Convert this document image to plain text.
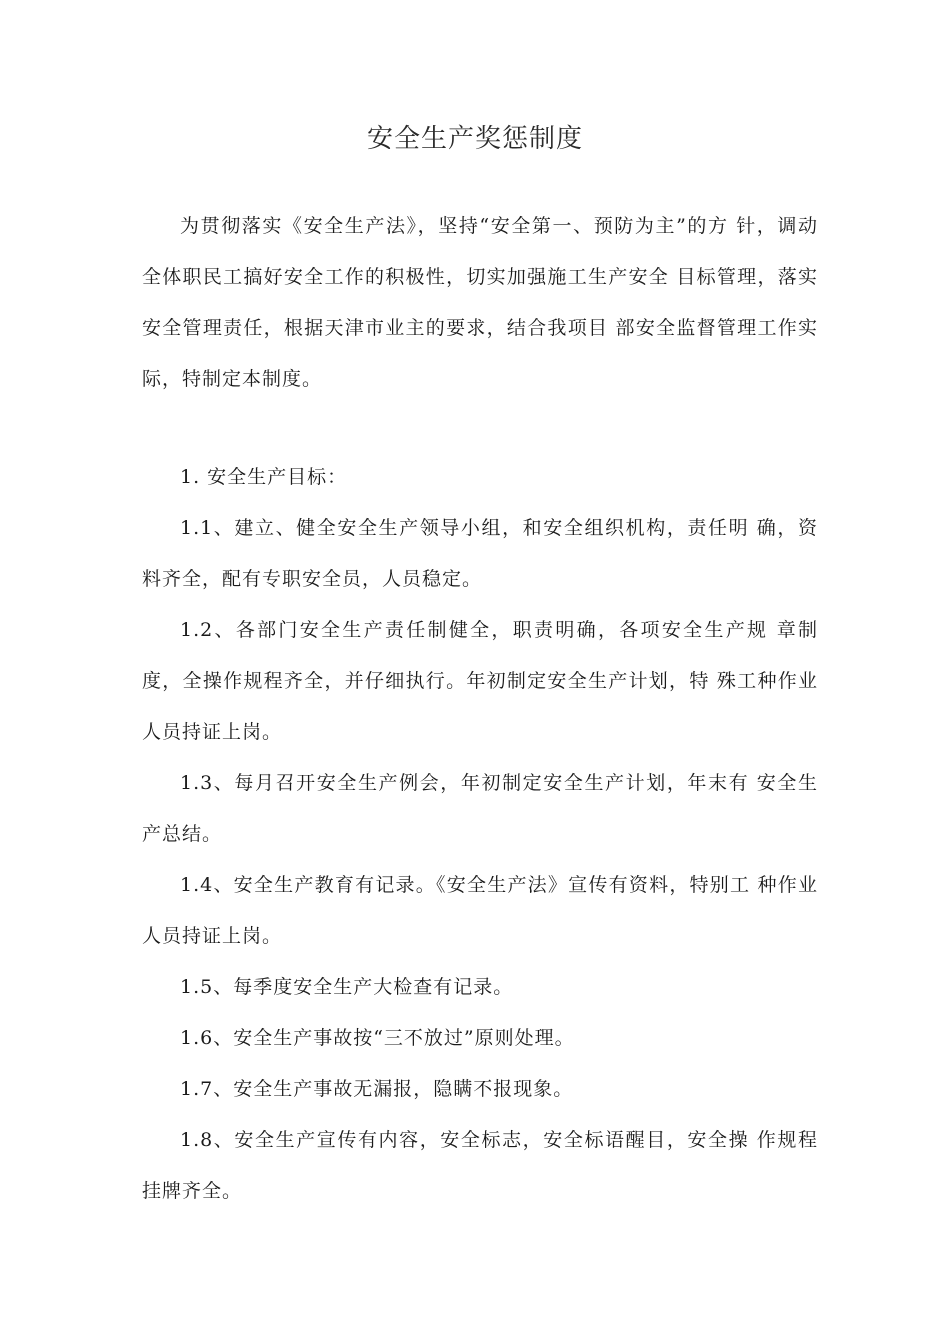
安全生产奖惩制度

为贯彻落实《安全生产法》，坚持“安全第一、预防为主”的方 针，调动全体职民工搞好安全工作的积极性，切实加强施工生产安全 目标管理，落实安全管理责任，根据天津市业主的要求，结合我项目 部安全监督管理工作实际，特制定本制度。

1. 安全生产目标：

1.1、建立、健全安全生产领导小组，和安全组织机构，责任明 确，资料齐全，配有专职安全员，人员稳定。

1.2、各部门安全生产责任制健全，职责明确，各项安全生产规 章制度，全操作规程齐全，并仔细执行。年初制定安全生产计划，特 殊工种作业人员持证上岗。

1.3、每月召开安全生产例会，年初制定安全生产计划，年末有 安全生产总结。

1.4、安全生产教育有记录。《安全生产法》宣传有资料，特别工 种作业人员持证上岗。

1.5、每季度安全生产大检查有记录。

1.6、安全生产事故按“三不放过”原则处理。

1.7、安全生产事故无漏报，隐瞒不报现象。

1.8、安全生产宣传有内容，安全标志，安全标语醒目，安全操 作规程挂牌齐全。
